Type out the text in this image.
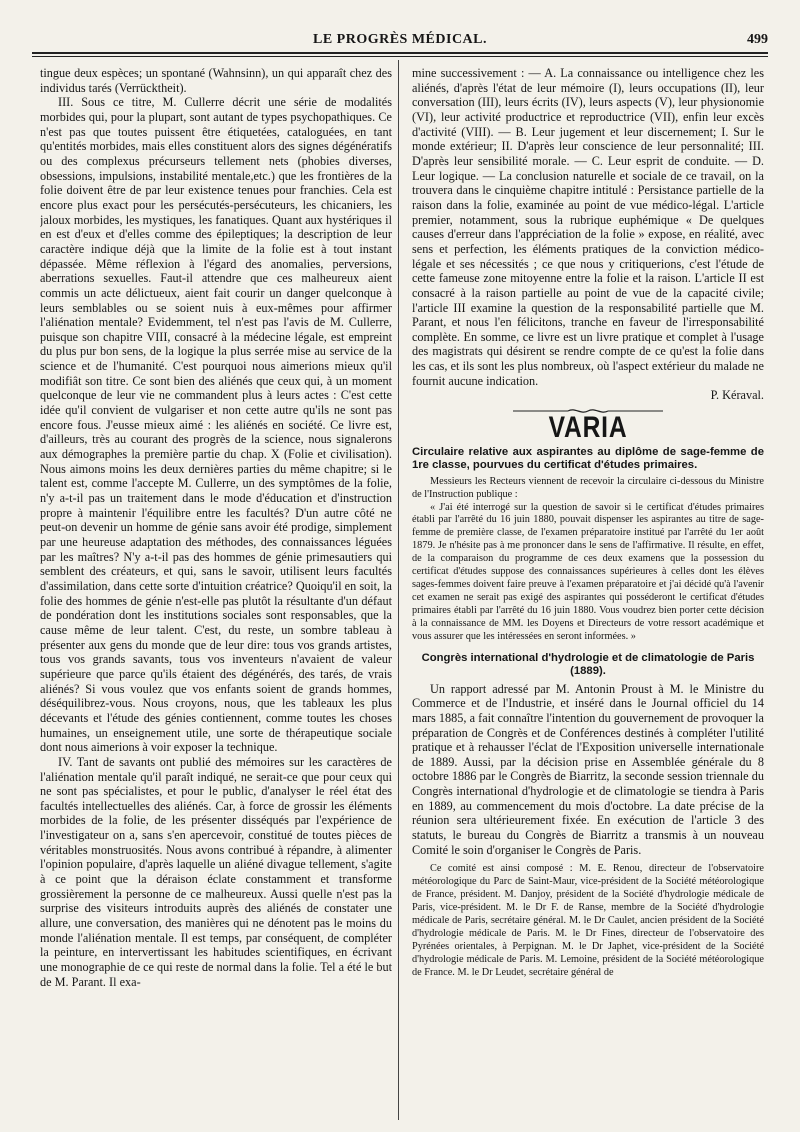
LE PROGRÈS MÉDICAL.	499

tingue deux espèces; un spontané (Wahnsinn), un qui apparaît chez des individus tarés (Verrücktheit).

III. Sous ce titre, M. Cullerre décrit une série de modalités morbides qui, pour la plupart, sont autant de types psychopathiques. Ce n'est pas que toutes puissent être étiquetées, cataloguées, en tant qu'entités morbides, mais elles constituent alors des signes dégénératifs ou des complexus précurseurs tellement nets (phobies diverses, obsessions, impulsions, instabilité mentale,etc.) que les frontières de la folie doivent être de par leur existence tenues pour franchies. Cela est encore plus exact pour les persécutés-persécuteurs, les chicaniers, les jaloux morbides, les mystiques, les fanatiques. Quant aux hystériques il en est d'eux et d'elles comme des épileptiques; la description de leur caractère indique déjà que la limite de la folie est à tout instant dépassée. Même réflexion à l'égard des anomalies, perversions, aberrations sexuelles. Faut-il attendre que ces malheureux aient commis un acte délictueux, aient fait courir un danger quelconque à leurs semblables ou se soient nuis à eux-mêmes pour affirmer l'aliénation mentale? Evidemment, tel n'est pas l'avis de M. Cullerre, puisque son chapitre VIII, consacré à la médecine légale, est empreint du plus pur bon sens, de la logique la plus serrée mise au service de la science et de l'humanité. C'est pourquoi nous aimerions mieux qu'il modifiât son titre. Ce sont bien des aliénés que ceux qui, à un moment quelconque de leur vie ne commandent plus à leurs actes : C'est cette idée qu'il convient de vulgariser et non cette autre qu'ils ne sont pas encore fous. J'eusse mieux aimé : les aliénés en société. Ce livre est, d'ailleurs, très au courant des progrès de la science, nous signalerons aux démographes la première partie du chap. X (Folie et civilisation). Nous aimons moins les deux dernières parties du même chapitre; si le talent est, comme l'accepte M. Cullerre, un des symptômes de la folie, n'y a-t-il pas un traitement dans le mode d'éducation et d'instruction propre à maintenir l'équilibre entre les facultés? D'un autre côté ne peut-on devenir un homme de génie sans avoir été prodige, simplement par une heureuse adaptation des méthodes, des connaissances léguées par les maîtres? N'y a-t-il pas des hommes de génie primesautiers qui semblent des créateurs, et qui, sans le savoir, utilisent leurs facultés d'assimilation, dans cette sorte d'intuition créatrice? Quoiqu'il en soit, la folie des hommes de génie n'est-elle pas plutôt la résultante d'un défaut de pondération dont les institutions sociales sont responsables, que la cause même de leur talent. C'est, du reste, un sombre tableau à présenter aux gens du monde que de leur dire: tous vos grands artistes, tous vos grands savants, tous vos inventeurs n'avaient de valeur supérieure que parce qu'ils étaient des dégénérés, des tarés, de vrais aliénés? Si vous voulez que vos enfants soient de grands hommes, déséquilibrez-vous. Nous croyons, nous, que les tableaux les plus décevants et l'étude des génies contiennent, comme toutes les choses humaines, un enseignement utile, une sorte de thérapeutique sociale dont nous aimerions à voir exposer la technique.

IV. Tant de savants ont publié des mémoires sur les caractères de l'aliénation mentale qu'il paraît indiqué, ne serait-ce que pour ceux qui ne sont pas spécialistes, et pour le public, d'analyser le réel état des facultés intellectuelles des aliénés. Car, à force de grossir les éléments morbides de la folie, de les présenter disséqués par l'expérience de l'investigateur on a, sans s'en apercevoir, constitué de toutes pièces de véritables monstruosités. Nous avons contribué à répandre, à alimenter l'opinion populaire, d'après laquelle un aliéné divague tellement, s'agite à ce point que la déraison éclate constamment et transforme grossièrement la personne de ce malheureux. Aussi quelle n'est pas la surprise des visiteurs introduits auprès des aliénés de constater une allure, une conversation, des manières qui ne dénotent pas le moins du monde l'aliénation mentale. Il est temps, par conséquent, de compléter la peinture, en intervertissant les habitudes scientifiques, en écrivant une monographie de ce qui reste de normal dans la folie. Tel a été le but de M. Parant. Il exa-

mine successivement : — A. La connaissance ou intelligence chez les aliénés, d'après l'état de leur mémoire (I), leurs occupations (II), leur conversation (III), leurs écrits (IV), leurs aspects (V), leur physionomie (VI), leur activité productrice et reproductrice (VII), enfin leur excès d'activité (VIII). — B. Leur jugement et leur discernement; I. Sur le monde extérieur; II. D'après leur conscience de leur personnalité; III. D'après leur sensibilité morale. — C. Leur esprit de conduite. — D. Leur logique. — La conclusion naturelle et sociale de ce travail, on la trouvera dans le cinquième chapitre intitulé : Persistance partielle de la raison dans la folie, examinée au point de vue médico-légal. L'article premier, notamment, sous la rubrique euphémique « De quelques causes d'erreur dans l'appréciation de la folie » expose, en réalité, avec sens et perfection, les éléments pratiques de la conviction médico-légale et ses nécessités ; ce que nous y critiquerions, c'est l'étude de cette fameuse zone mitoyenne entre la folie et la raison. L'article II est consacré à la raison partielle au point de vue de la capacité civile; l'article III examine la question de la responsabilité partielle que M. Parant, et nous l'en félicitons, tranche en faveur de l'irresponsabilité complète. En somme, ce livre est un livre pratique et complet à l'usage des magistrats qui désirent se rendre compte de ce qu'est la folie dans les cas, et ils sont les plus nombreux, où l'aspect extérieur du malade ne fournit aucune indication.

P. Kéraval.

VARIA
Circulaire relative aux aspirantes au diplôme de sage-femme de 1re classe, pourvues du certificat d'études primaires.

Messieurs les Recteurs viennent de recevoir la circulaire ci-dessous du Ministre de l'Instruction publique :

« J'ai été interrogé sur la question de savoir si le certificat d'études primaires établi par l'arrêté du 16 juin 1880, pouvait dispenser les aspirantes au titre de sage-femme de première classe, de l'examen préparatoire institué par l'arrêté du 1er août 1879. Je n'hésite pas à me prononcer dans le sens de l'affirmative. Il résulte, en effet, de la comparaison du programme de ces deux examens que la possession du certificat d'études suppose des connaissances supérieures à celles dont les élèves sages-femmes doivent faire preuve à l'examen préparatoire et j'ai décidé qu'à l'avenir cet examen ne serait pas exigé des aspirantes qui posséderont le certificat d'études primaires établi par l'arrêté du 16 juin 1880. Vous voudrez bien porter cette décision à la connaissance de MM. les Doyens et Directeurs de votre ressort académique et vous assurer que les intéressées en seront informées. »

Congrès international d'hydrologie et de climatologie de Paris (1889).

Un rapport adressé par M. Antonin Proust à M. le Ministre du Commerce et de l'Industrie, et inséré dans le Journal officiel du 14 mars 1885, a fait connaître l'intention du gouvernement de provoquer la préparation de Congrès et de Conférences destinés à compléter l'utilité pratique et à rehausser l'éclat de l'Exposition universelle internationale de 1889. Aussi, par la décision prise en Assemblée générale du 8 octobre 1886 par le Congrès de Biarritz, la seconde session triennale du Congrès international d'hydrologie et de climatologie se tiendra à Paris en 1889, au commencement du mois d'octobre. La date précise de la réunion sera ultérieurement fixée. En exécution de l'article 3 des statuts, le bureau du Congrès de Biarritz a transmis à un nouveau Comité le soin d'organiser le Congrès de Paris.

Ce comité est ainsi composé : M. E. Renou, directeur de l'observatoire météorologique du Parc de Saint-Maur, vice-président de la Société météorologique de France, président. M. Danjoy, président de la Société d'hydrologie médicale de Paris, vice-président. M. le Dr F. de Ranse, membre de la Société d'hydrologie médicale de Paris, secrétaire général. M. le Dr Caulet, ancien président de la Société d'hydrologie médicale de Paris. M. le Dr Fines, directeur de l'observatoire des Pyrénées orientales, à Perpignan. M. le Dr Japhet, vice-président de la Société d'hydrologie médicale de Paris. M. Lemoine, président de la Société météorologique de France. M. le Dr Leudet, secrétaire général de
